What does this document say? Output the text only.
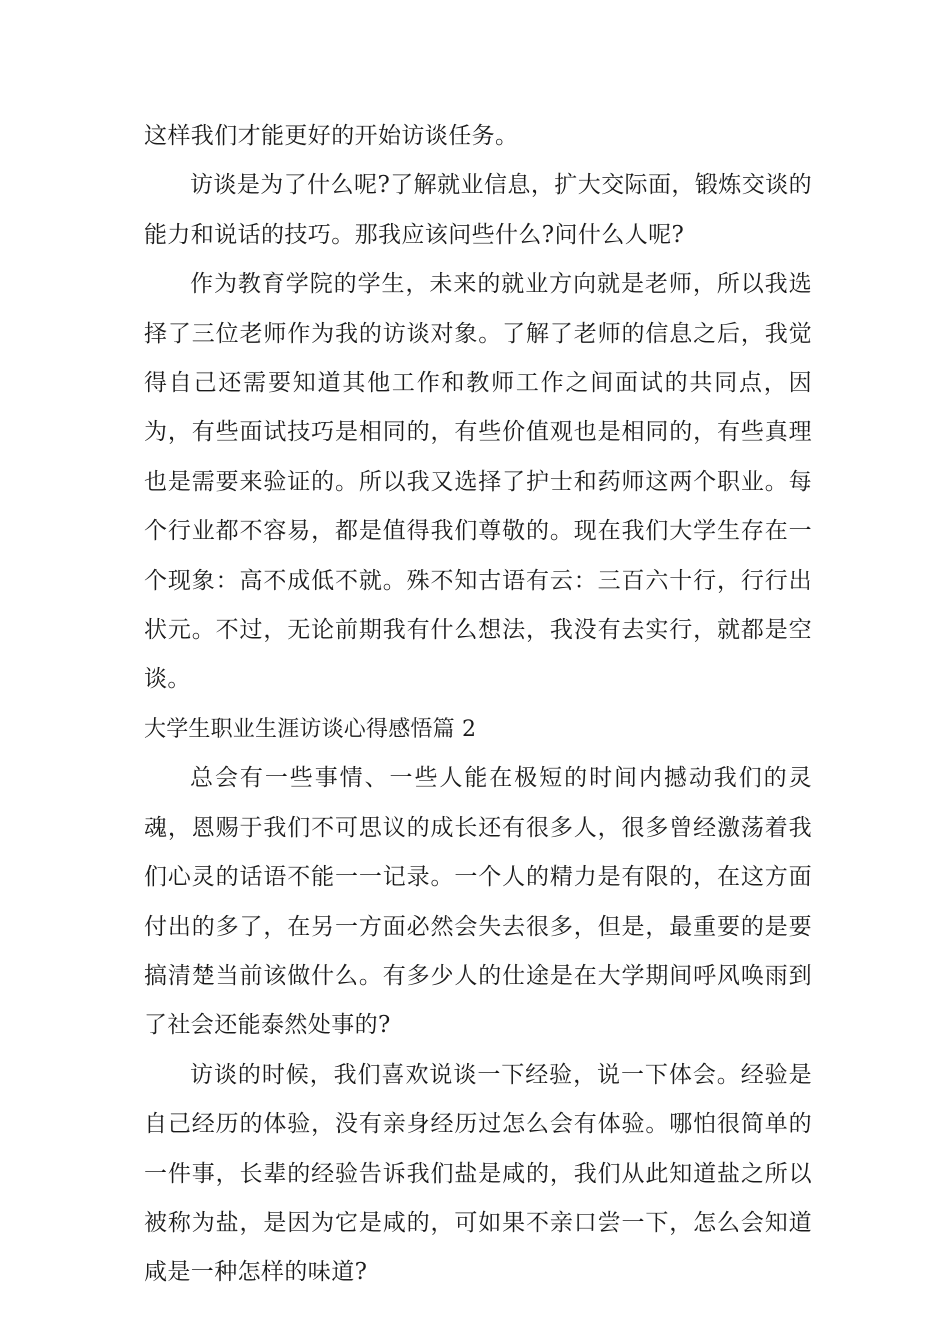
这样我们才能更好的开始访谈任务。

访谈是为了什么呢?了解就业信息，扩大交际面，锻炼交谈的能力和说话的技巧。那我应该问些什么?问什么人呢?

作为教育学院的学生，未来的就业方向就是老师，所以我选择了三位老师作为我的访谈对象。了解了老师的信息之后，我觉得自己还需要知道其他工作和教师工作之间面试的共同点，因为，有些面试技巧是相同的，有些价值观也是相同的，有些真理也是需要来验证的。所以我又选择了护士和药师这两个职业。每个行业都不容易，都是值得我们尊敬的。现在我们大学生存在一个现象：高不成低不就。殊不知古语有云：三百六十行，行行出状元。不过，无论前期我有什么想法，我没有去实行，就都是空谈。

大学生职业生涯访谈心得感悟篇 2

总会有一些事情、一些人能在极短的时间内撼动我们的灵魂，恩赐于我们不可思议的成长还有很多人，很多曾经激荡着我们心灵的话语不能一一记录。一个人的精力是有限的，在这方面付出的多了，在另一方面必然会失去很多，但是，最重要的是要搞清楚当前该做什么。有多少人的仕途是在大学期间呼风唤雨到了社会还能泰然处事的?

访谈的时候，我们喜欢说谈一下经验，说一下体会。经验是自己经历的体验，没有亲身经历过怎么会有体验。哪怕很简单的一件事，长辈的经验告诉我们盐是咸的，我们从此知道盐之所以被称为盐，是因为它是咸的，可如果不亲口尝一下，怎么会知道咸是一种怎样的味道?
